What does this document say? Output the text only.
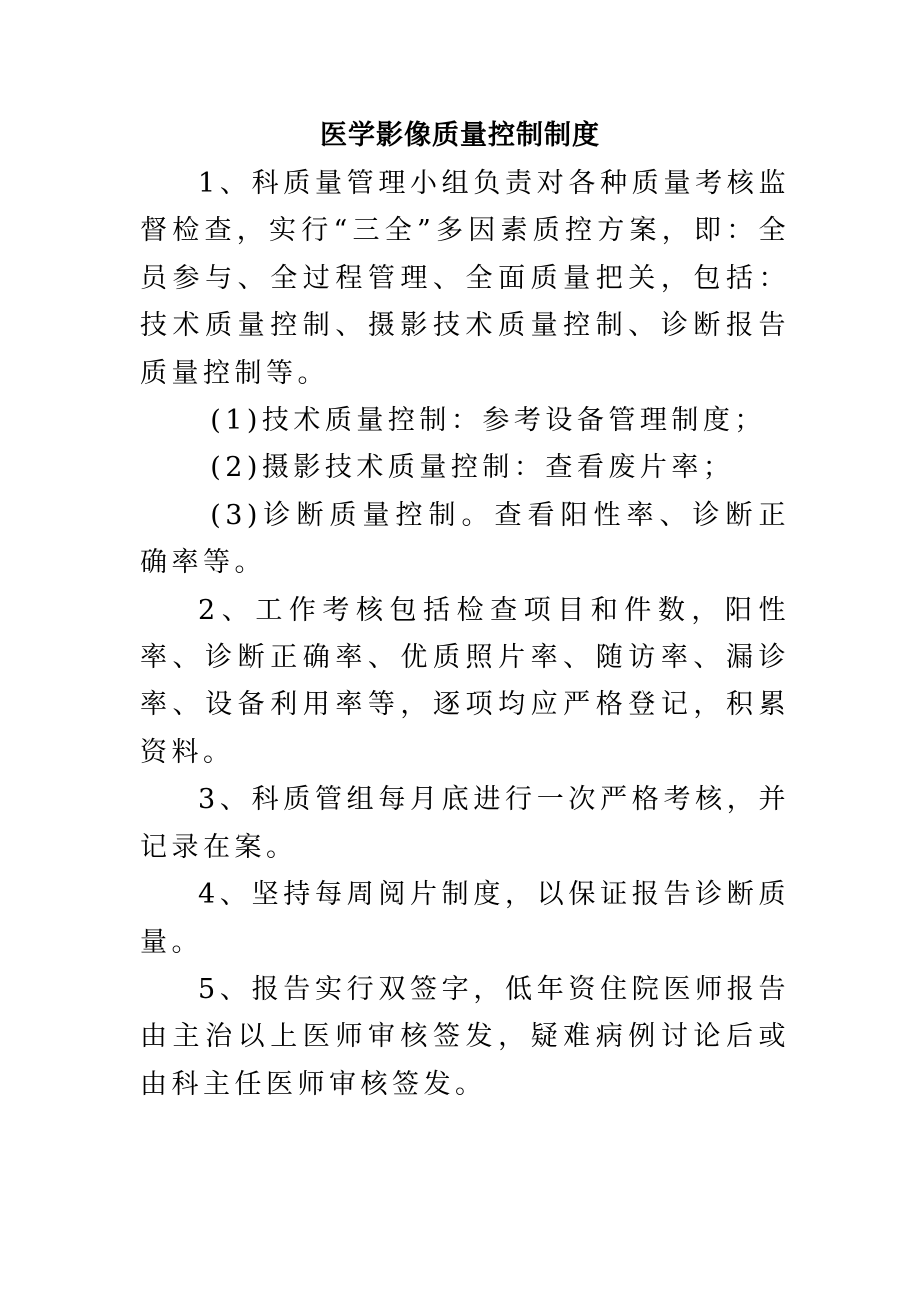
医学影像质量控制制度

1、科质量管理小组负责对各种质量考核监督检查，实行“三全”多因素质控方案，即：全员参与、全过程管理、全面质量把关，包括：技术质量控制、摄影技术质量控制、诊断报告质量控制等。

(1)技术质量控制：参考设备管理制度；

(2)摄影技术质量控制：查看废片率；

(3)诊断质量控制。查看阳性率、诊断正确率等。

2、工作考核包括检查项目和件数，阳性率、诊断正确率、优质照片率、随访率、漏诊率、设备利用率等，逐项均应严格登记，积累资料。

3、科质管组每月底进行一次严格考核，并记录在案。

4、坚持每周阅片制度，以保证报告诊断质量。

5、报告实行双签字，低年资住院医师报告由主治以上医师审核签发，疑难病例讨论后或由科主任医师审核签发。
